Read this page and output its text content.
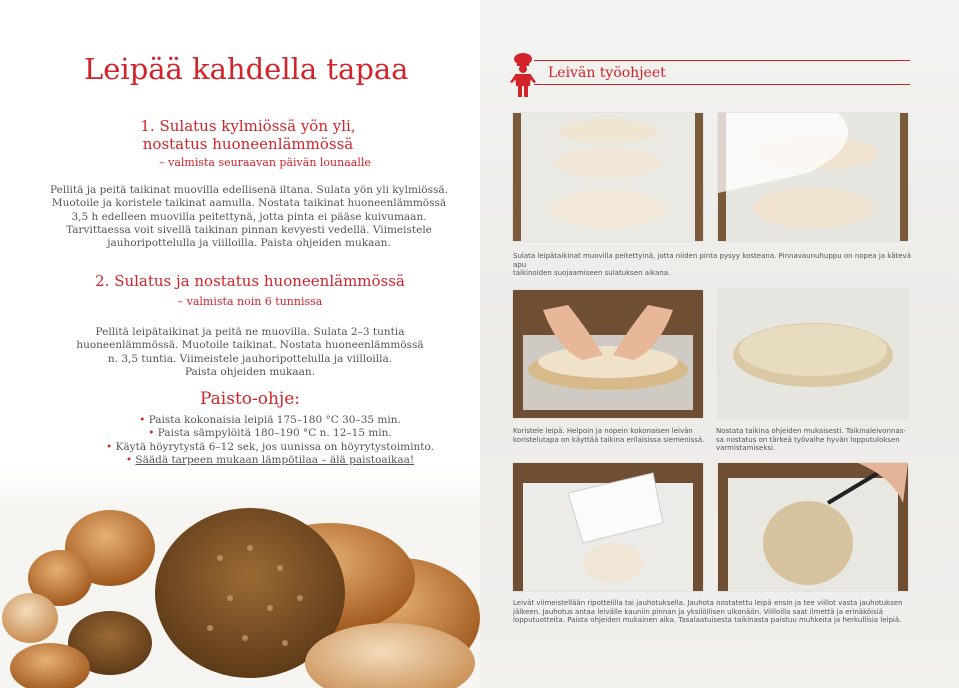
Leipää kahdella tapaa
1. Sulatus kylmiössä yön yli,
nostatus huoneenlämmössä
– valmista seuraavan päivän lounaalle
Pellitä ja peitä taikinat muovilla edellisenä iltana. Sulata yön yli kylmiössä.
Muotoile ja koristele taikinat aamulla. Nostata taikinat huoneenlämmössä
3,5 h edelleen muovilla peitettynä, jotta pinta ei pääse kuivumaan.
Tarvittaessa voit sivellä taikinan pinnan kevyesti vedellä. Viimeistele
jauhoripottelulla ja viilloilla. Paista ohjeiden mukaan.
2. Sulatus ja nostatus huoneenlämmössä
– valmista noin 6 tunnissa
Pellitä leipätaikinat ja peitä ne muovilla. Sulata 2–3 tuntia
huoneenlämmössä. Muotoile taikinat. Nostata huoneenlämmössä
n. 3,5 tuntia. Viimeistele jauhoripottelulla ja viilloilla.
Paista ohjeiden mukaan.
Paisto-ohje:
• Paista kokonaisia leipiä 175–180 °C 30–35 min.
• Paista sämpylöitä 180–190 °C n. 12–15 min.
• Käytä höyrytystä 6–12 sek, jos uunissa on höyrytystoiminto.
• Säädä tarpeen mukaan lämpötilaa – älä paistoaikaa!
Leivän työohjeet
Sulata leipätaikinat muovilla peitettyinä, jotta niiden pinta pysyy kosteana. Pinnavaunuhuppu on nopea ja kätevä apu
taikinoiden suojaamiseen sulatuksen aikana.
Koristele leipä. Helpoin ja nopein kokonaisen leivän
koristelutapa on käyttää taikina erilaisissa siemenissä.
Nostata taikina ohjeiden mukaisesti. Taikinaleivonnas-
sa nostatus on tärkeä työvaihe hyvän lopputuloksen
varmistamiseksi.
Leivät viimeistellään ripottelilla tai jauhotuksella. Jauhota nostatettu leipä ensin ja tee viillot vasta jauhotuksen
jälkeen. Jauhotus antaa leivälle kauniin pinnan ja yksilöllisen ulkonäön. Viilloilla saat ilmettä ja erinäköisiä
lopputuotteita. Paista ohjeiden mukainen aika. Tasalaatuisesta taikinasta paistuu muhkeita ja herkullisia leipiä.
